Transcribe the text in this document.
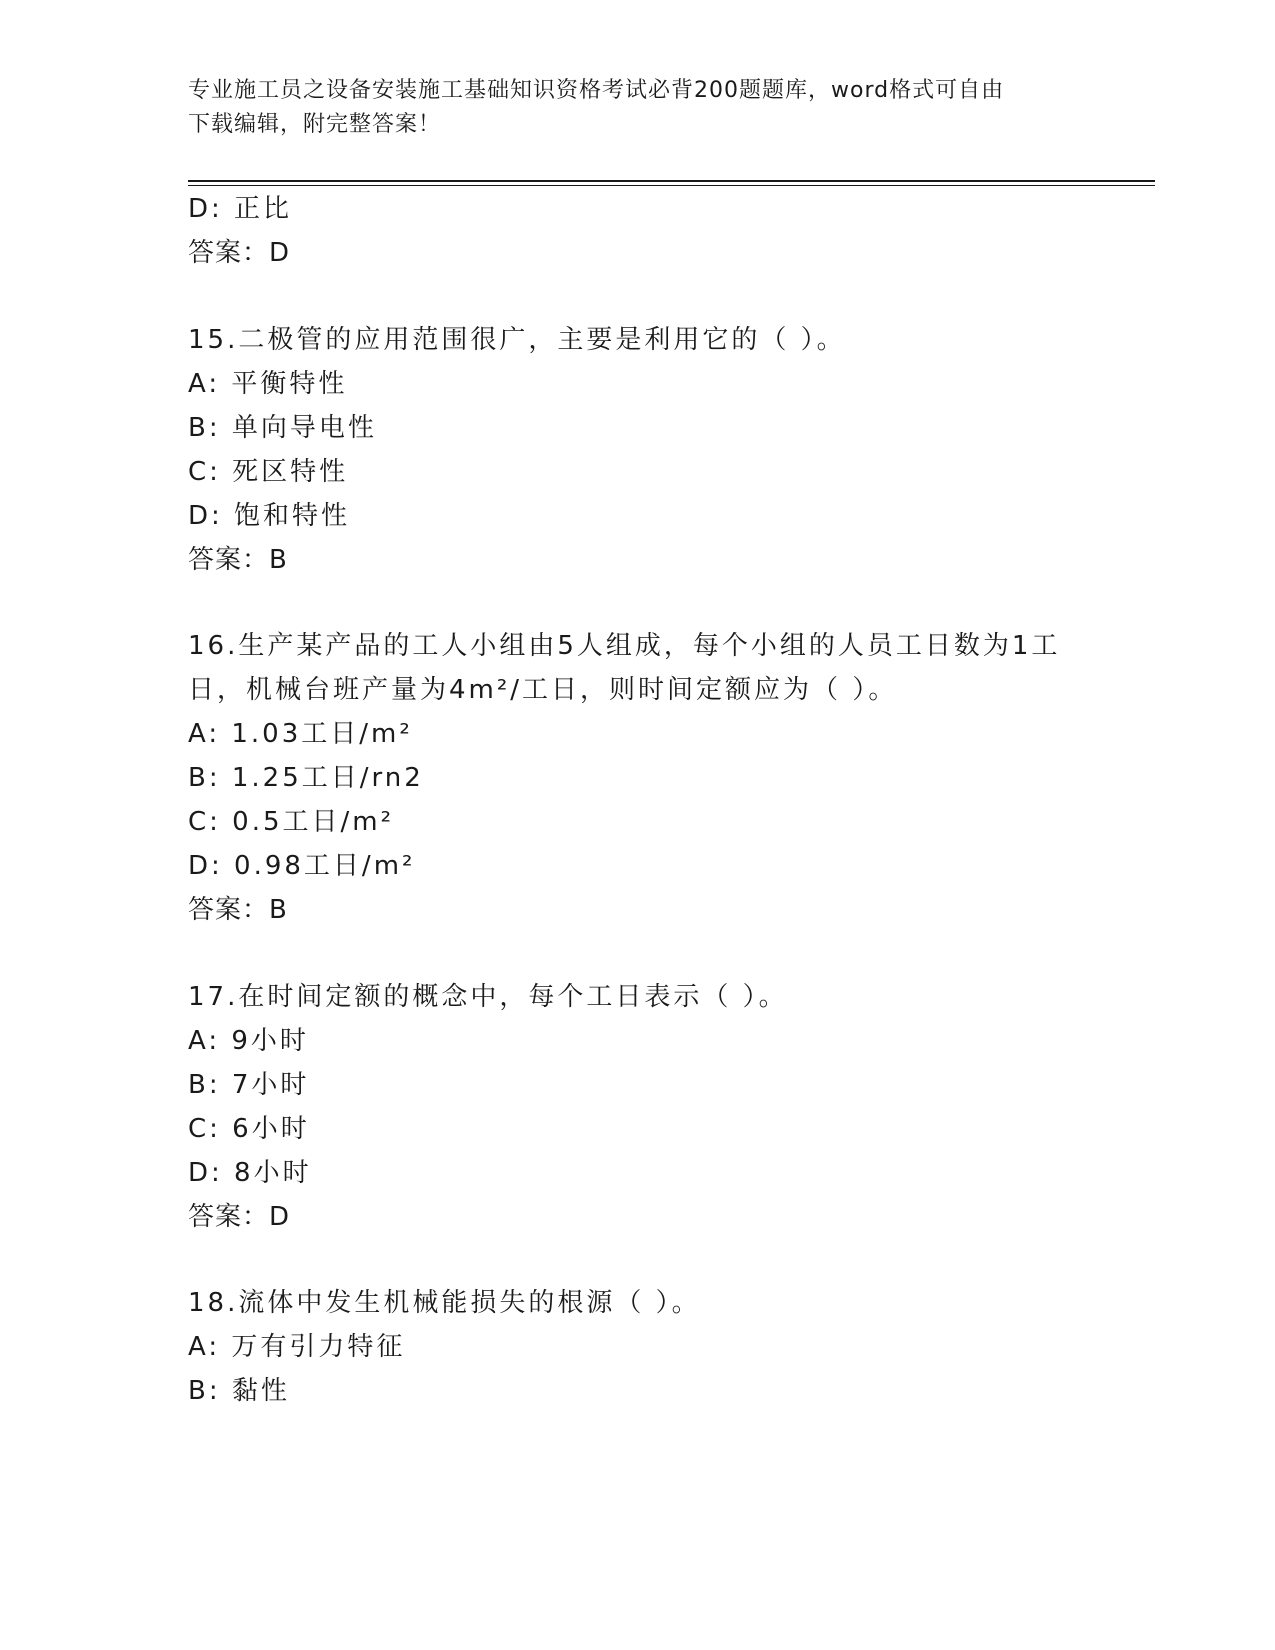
专业施工员之设备安装施工基础知识资格考试必背200题题库，word格式可自由
下载编辑，附完整答案！
D: 正比
答案：D
15.二极管的应用范围很广，主要是利用它的（ ）。
A: 平衡特性
B: 单向导电性
C: 死区特性
D: 饱和特性
答案：B
16.生产某产品的工人小组由5人组成，每个小组的人员工日数为1工
日，机械台班产量为4m²/工日，则时间定额应为（ ）。
A: 1.03工日/m²
B: 1.25工日/rn2
C: 0.5工日/m²
D: 0.98工日/m²
答案：B
17.在时间定额的概念中，每个工日表示（ ）。
A: 9小时
B: 7小时
C: 6小时
D: 8小时
答案：D
18.流体中发生机械能损失的根源（ ）。
A: 万有引力特征
B: 黏性
